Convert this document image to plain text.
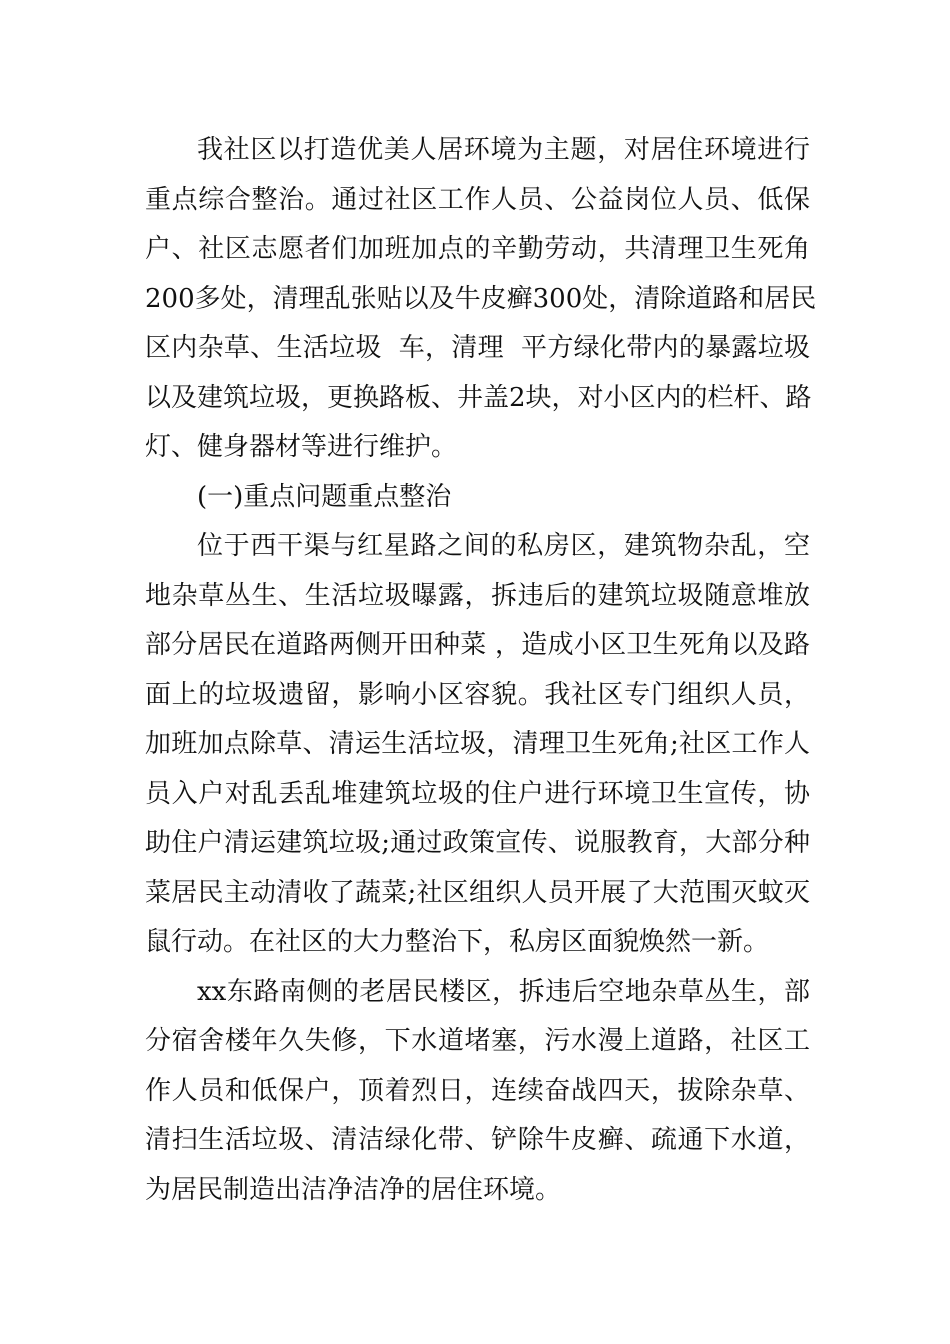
我社区以打造优美人居环境为主题，对居住环境进行
重点综合整治。通过社区工作人员、公益岗位人员、低保
户、社区志愿者们加班加点的辛勤劳动，共清理卫生死角
200多处，清理乱张贴以及牛皮癣300处，清除道路和居民
区内杂草、生活垃圾  车，清理  平方绿化带内的暴露垃圾
以及建筑垃圾，更换路板、井盖2块，对小区内的栏杆、路
灯、健身器材等进行维护。
(一)重点问题重点整治
位于西干渠与红星路之间的私房区，建筑物杂乱，空
地杂草丛生、生活垃圾曝露，拆违后的建筑垃圾随意堆放
部分居民在道路两侧开田种菜 ，造成小区卫生死角以及路
面上的垃圾遗留，影响小区容貌。我社区专门组织人员，
加班加点除草、清运生活垃圾，清理卫生死角;社区工作人
员入户对乱丢乱堆建筑垃圾的住户进行环境卫生宣传，协
助住户清运建筑垃圾;通过政策宣传、说服教育，大部分种
菜居民主动清收了蔬菜;社区组织人员开展了大范围灭蚊灭
鼠行动。在社区的大力整治下，私房区面貌焕然一新。
xx东路南侧的老居民楼区，拆违后空地杂草丛生，部
分宿舍楼年久失修，下水道堵塞，污水漫上道路，社区工
作人员和低保户，顶着烈日，连续奋战四天，拔除杂草、
清扫生活垃圾、清洁绿化带、铲除牛皮癣、疏通下水道，
为居民制造出洁净洁净的居住环境。
